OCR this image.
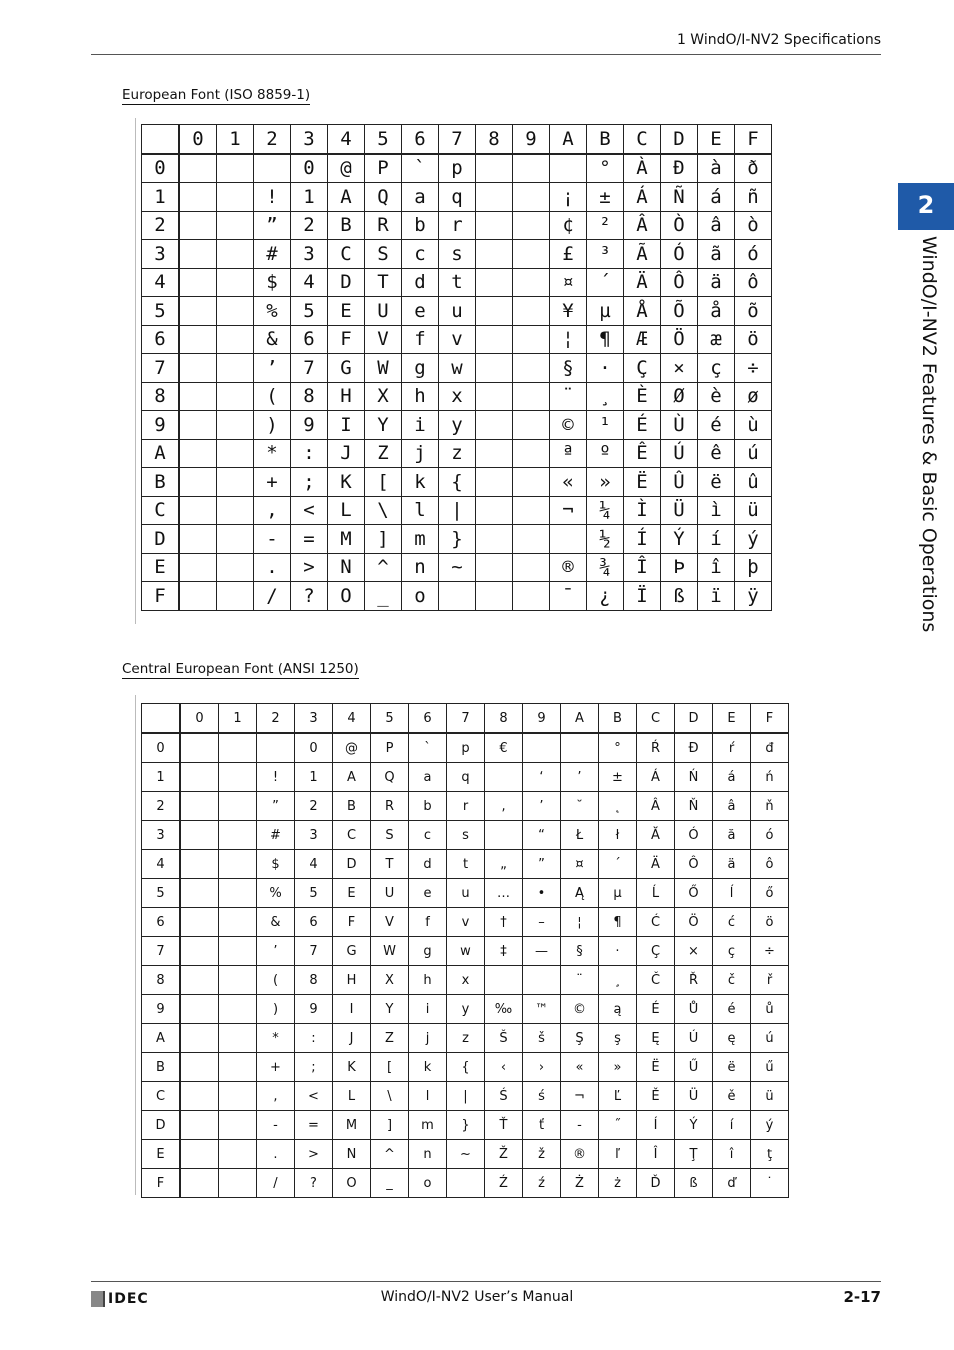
1 WindO/I-NV2 Specifications
2
WindO/I-NV2 Features & Basic Operations
European Font (ISO 8859-1)
	0	1	2	3	4	5	6	7	8	9	A	B	C	D	E	F
0				0	@	P	`	p				°	À	Ð	à	ð
1			!	1	A	Q	a	q			¡	±	Á	Ñ	á	ñ
2			”	2	B	R	b	r			¢	²	Â	Ò	â	ò
3			#	3	C	S	c	s			£	³	Ã	Ó	ã	ó
4			$	4	D	T	d	t			¤	´	Ä	Ô	ä	ô
5			%	5	E	U	e	u			¥	µ	Å	Õ	å	õ
6			&	6	F	V	f	v			¦	¶	Æ	Ö	æ	ö
7			’	7	G	W	g	w			§	·	Ç	×	ç	÷
8			(	8	H	X	h	x			¨	¸	È	Ø	è	ø
9			)	9	I	Y	i	y			©	¹	É	Ù	é	ù
A			*	:	J	Z	j	z			ª	º	Ê	Ú	ê	ú
B			+	;	K	[	k	{			«	»	Ë	Û	ë	û
C			,	<	L	\	l	|			¬	¼	Ì	Ü	ì	ü
D			-	=	M	]	m	}				½	Í	Ý	í	ý
E			.	>	N	^	n	~			®	¾	Î	Þ	î	þ
F			/	?	O	_	o				¯	¿	Ï	ß	ï	ÿ
Central European Font (ANSI 1250)
	0	1	2	3	4	5	6	7	8	9	A	B	C	D	E	F
0				0	@	P	`	p	€			°	Ŕ	Đ	ŕ	đ
1			!	1	A	Q	a	q		‘	’	±	Á	Ń	á	ń
2			”	2	B	R	b	r	‚	’	˘	˛	Â	Ň	â	ň
3			#	3	C	S	c	s		“	Ł	ł	Ă	Ó	ă	ó
4			$	4	D	T	d	t	„	”	¤	´	Ä	Ô	ä	ô
5			%	5	E	U	e	u	…	•	Ą	µ	Ĺ	Ő	ĺ	ő
6			&	6	F	V	f	v	†	–	¦	¶	Ć	Ö	ć	ö
7			’	7	G	W	g	w	‡	—	§	·	Ç	×	ç	÷
8			(	8	H	X	h	x			¨	¸	Č	Ř	č	ř
9			)	9	I	Y	i	y	‰	™	©	ą	É	Ů	é	ů
A			*	:	J	Z	j	z	Š	š	Ş	ş	Ę	Ú	ę	ú
B			+	;	K	[	k	{	‹	›	«	»	Ë	Ű	ë	ű
C			,	<	L	\	l	|	Ś	ś	¬	Ľ	Ě	Ü	ě	ü
D			-	=	M	]	m	}	Ť	ť	-	˝	Í	Ý	í	ý
E			.	>	N	^	n	~	Ž	ž	®	ľ	Î	Ţ	î	ţ
F			/	?	O	_	o		Ź	ź	Ż	ż	Ď	ß	ď	˙
IDEC	WindO/I-NV2 User’s Manual	2-17
